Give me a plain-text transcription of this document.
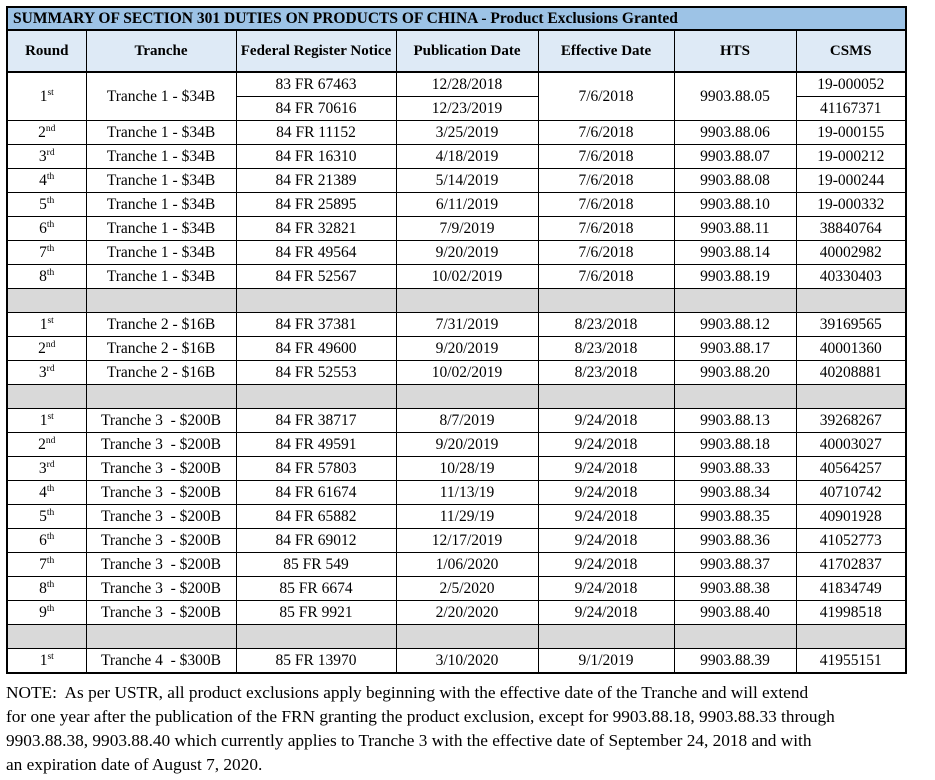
SUMMARY OF SECTION 301 DUTIES ON PRODUCTS OF CHINA - Product Exclusions Granted						
Round	Tranche	Federal Register Notice	Publication Date	Effective Date	HTS	CSMS
1st	Tranche 1 - $34B	83 FR 67463	12/28/2018	7/6/2018	9903.88.05	19-000052
		84 FR 70616	12/23/2019			41167371
2nd	Tranche 1 - $34B	84 FR 11152	3/25/2019	7/6/2018	9903.88.06	19-000155
3rd	Tranche 1 - $34B	84 FR 16310	4/18/2019	7/6/2018	9903.88.07	19-000212
4th	Tranche 1 - $34B	84 FR 21389	5/14/2019	7/6/2018	9903.88.08	19-000244
5th	Tranche 1 - $34B	84 FR 25895	6/11/2019	7/6/2018	9903.88.10	19-000332
6th	Tranche 1 - $34B	84 FR 32821	7/9/2019	7/6/2018	9903.88.11	38840764
7th	Tranche 1 - $34B	84 FR 49564	9/20/2019	7/6/2018	9903.88.14	40002982
8th	Tranche 1 - $34B	84 FR 52567	10/02/2019	7/6/2018	9903.88.19	40330403

1st	Tranche 2 - $16B	84 FR 37381	7/31/2019	8/23/2018	9903.88.12	39169565
2nd	Tranche 2 - $16B	84 FR 49600	9/20/2019	8/23/2018	9903.88.17	40001360
3rd	Tranche 2 - $16B	84 FR 52553	10/02/2019	8/23/2018	9903.88.20	40208881

1st	Tranche 3  - $200B	84 FR 38717	8/7/2019	9/24/2018	9903.88.13	39268267
2nd	Tranche 3  - $200B	84 FR 49591	9/20/2019	9/24/2018	9903.88.18	40003027
3rd	Tranche 3  - $200B	84 FR 57803	10/28/19	9/24/2018	9903.88.33	40564257
4th	Tranche 3  - $200B	84 FR 61674	11/13/19	9/24/2018	9903.88.34	40710742
5th	Tranche 3  - $200B	84 FR 65882	11/29/19	9/24/2018	9903.88.35	40901928
6th	Tranche 3  - $200B	84 FR 69012	12/17/2019	9/24/2018	9903.88.36	41052773
7th	Tranche 3  - $200B	85 FR 549	1/06/2020	9/24/2018	9903.88.37	41702837
8th	Tranche 3  - $200B	85 FR 6674	2/5/2020	9/24/2018	9903.88.38	41834749
9th	Tranche 3  - $200B	85 FR 9921	2/20/2020	9/24/2018	9903.88.40	41998518

1st	Tranche 4  - $300B	85 FR 13970	3/10/2020	9/1/2019	9903.88.39	41955151
NOTE:  As per USTR, all product exclusions apply beginning with the effective date of the Tranche and will extend
for one year after the publication of the FRN granting the product exclusion, except for 9903.88.18, 9903.88.33 through
9903.88.38, 9903.88.40 which currently applies to Tranche 3 with the effective date of September 24, 2018 and with
an expiration date of August 7, 2020.
